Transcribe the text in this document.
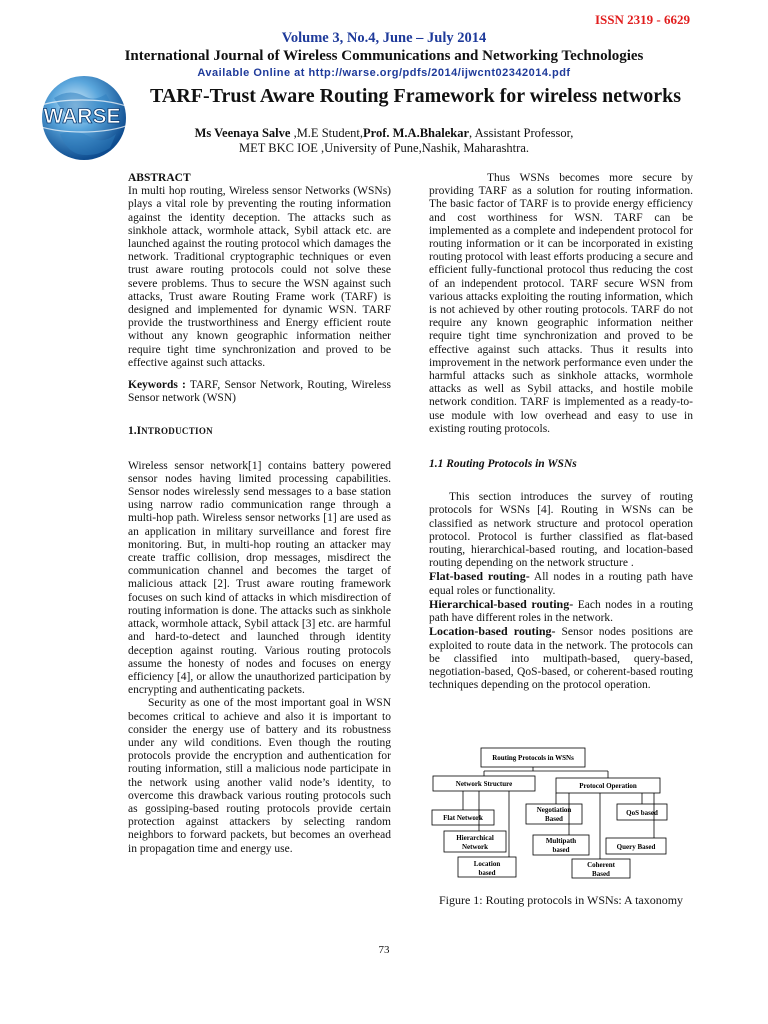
ISSN 2319 - 6629
Volume 3, No.4, June – July 2014
International Journal of Wireless Communications and Networking Technologies
Available Online at http://warse.org/pdfs/2014/ijwcnt02342014.pdf
WARSE
TARF-Trust Aware Routing Framework for wireless networks
Ms Veenaya Salve ,M.E Student,Prof. M.A.Bhalekar, Assistant Professor,
MET BKC IOE ,University of Pune,Nashik, Maharashtra.

ABSTRACT

In multi hop routing, Wireless sensor Networks (WSNs) plays a vital role by preventing the routing information against the identity deception. The attacks such as sinkhole attack, wormhole attack, Sybil attack etc. are launched against the routing protocol which damages the network. Traditional cryptographic techniques or even trust aware routing protocols could not solve these severe problems. Thus to secure the WSN against such attacks, Trust aware Routing Frame work (TARF) is designed and implemented for dynamic WSN. TARF provide the trustworthiness and Energy efficient route without any known geographic information neither require tight time synchronization and proved to be effective against such attacks.

Keywords : TARF, Sensor Network, Routing, Wireless Sensor network (WSN)

1.INTRODUCTION

Wireless sensor network[1] contains battery powered sensor nodes having limited processing capabilities. Sensor nodes wirelessly send messages to a base station using narrow radio communication range through a multi-hop path. Wireless sensor networks [1] are used as an application in military surveillance and forest fire monitoring. But, in multi-hop routing an attacker may create traffic collision, drop messages, misdirect the communication channel and becomes the target of malicious attack [2]. Trust aware routing framework focuses on such kind of attacks in which misdirection of routing information is done. The attacks such as sinkhole attack, wormhole attack, Sybil attack [3] etc. are harmful and hard-to-detect and launched through identity deception against routing. Various routing protocols assume the honesty of nodes and focuses on energy efficiency [4], or allow the unauthorized participation by encrypting and authenticating packets.

Security as one of the most important goal in WSN becomes critical to achieve and also it is important to consider the energy use of battery and its robustness under any wild conditions. Even though the routing protocols provide the encryption and authentication for routing information, still a malicious node participate in the network using another valid node’s identity, to overcome this drawback various routing protocols such as gossiping-based routing protocols provide certain protection against attackers by selecting random neighbors to forward packets, but becomes an overhead in propagation time and energy use.

Thus WSNs becomes more secure by providing TARF as a solution for routing information. The basic factor of TARF is to provide energy efficiency and cost worthiness for WSN. TARF can be implemented as a complete and independent protocol for routing information or it can be incorporated in existing routing protocol with least efforts producing a secure and efficient fully-functional protocol thus reducing the cost of an independent protocol. TARF secure WSN from various attacks exploiting the routing information, which is not achieved by other routing protocols. TARF do not require any known geographic information neither require tight time synchronization and proved to be effective against such attacks. Thus it results into improvement in the network performance even under the harmful attacks such as sinkhole attacks, wormhole attacks as well as Sybil attacks, and hostile mobile network condition. TARF is implemented as a ready-to-use module with low overhead and easy to use in existing routing protocols.

1.1 Routing Protocols in WSNs

This section introduces the survey of routing protocols for WSNs [4]. Routing in WSNs can be classified as network structure and protocol operation protocol. Protocol is further classified as flat-based routing, hierarchical-based routing, and location-based routing depending on the network structure .

Flat-based routing- All nodes in a routing path have equal roles or functionality.

Hierarchical-based routing- Each nodes in a routing path have different roles in the network.

Location-based routing- Sensor nodes positions are exploited to route data in the network. The protocols can be classified into multipath-based, query-based, negotiation-based, QoS-based, or coherent-based routing techniques depending on the protocol operation.

Routing Protocols in WSNs
Network Structure	Protocol Operation
Flat Network
Hierarchical
Network
Location
based
Negotiation
Based
Multipath
based
Coherent
Based
QoS based
Query Based
Figure 1: Routing protocols in WSNs: A taxonomy
73
